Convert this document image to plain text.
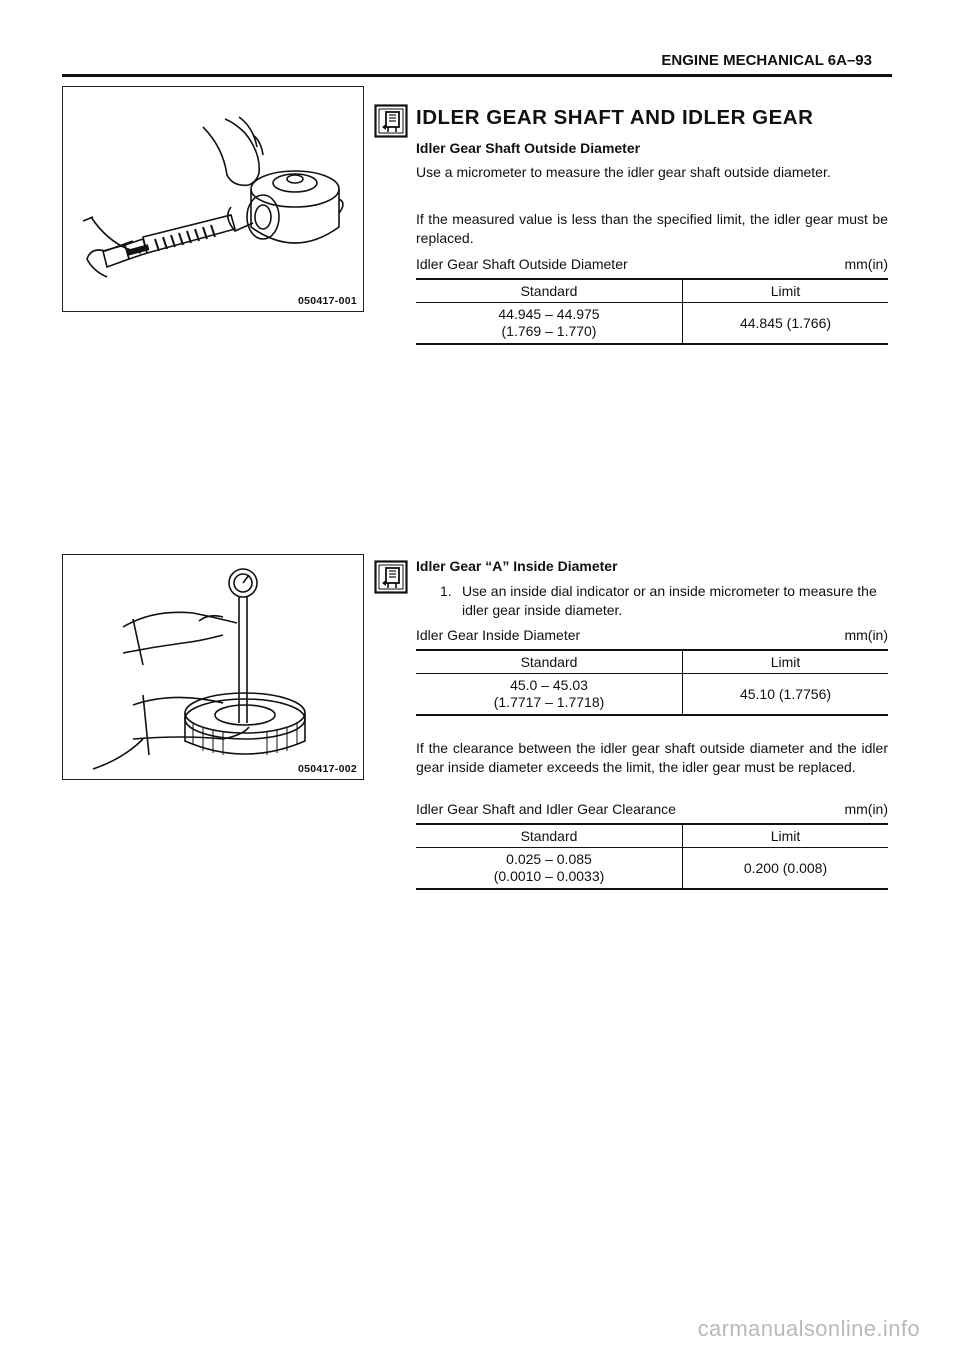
ENGINE MECHANICAL 6A–93
050417-001
050417-002
IDLER GEAR SHAFT AND IDLER GEAR
Idler Gear Shaft Outside Diameter
Use a micrometer to measure the idler gear shaft outside diameter.
If the measured value is less than the specified limit, the idler gear must be replaced.
Idler Gear Shaft Outside Diameter	mm(in)
Standard	Limit

44.945 – 44.975
(1.769 – 1.770)	44.845 (1.766)
Idler Gear “A” Inside Diameter
1. Use an inside dial indicator or an inside micrometer to measure the idler gear inside diameter.
Idler Gear Inside Diameter	mm(in)
Standard	Limit

45.0 – 45.03
(1.7717 – 1.7718)	45.10 (1.7756)
If the clearance between the idler gear shaft outside diameter and the idler gear inside diameter exceeds the limit, the idler gear must be replaced.
Idler Gear Shaft and Idler Gear Clearance	mm(in)
Standard	Limit

0.025 – 0.085
(0.0010 – 0.0033)	0.200 (0.008)
carmanualsonline.info
